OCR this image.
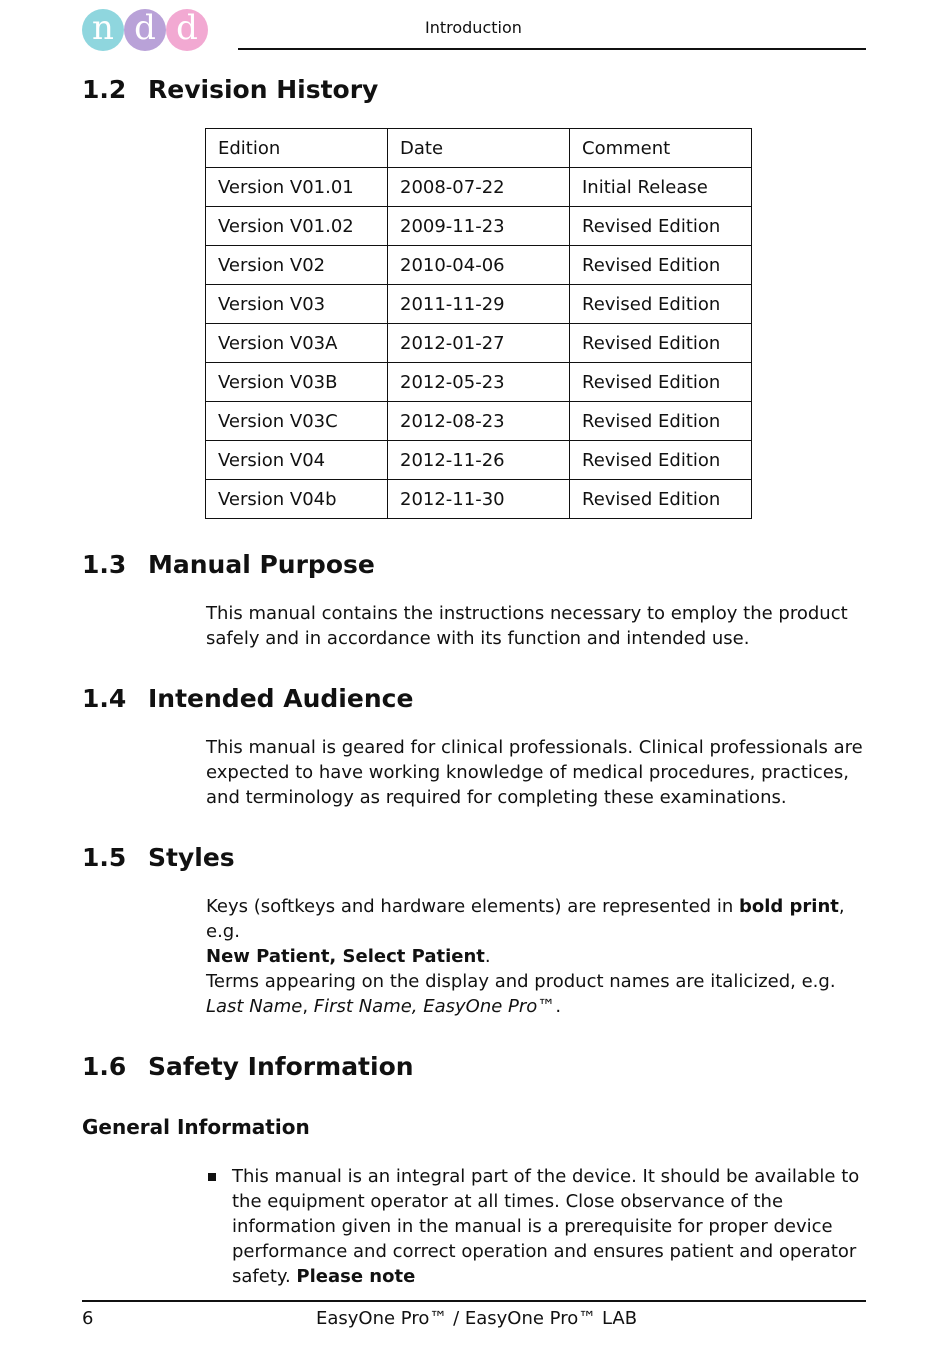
n d d	Introduction
1.2 Revision History
Edition	Date	Comment
Version V01.01	2008-07-22	Initial Release
Version V01.02	2009-11-23	Revised Edition
Version V02	2010-04-06	Revised Edition
Version V03	2011-11-29	Revised Edition
Version V03A	2012-01-27	Revised Edition
Version V03B	2012-05-23	Revised Edition
Version V03C	2012-08-23	Revised Edition
Version V04	2012-11-26	Revised Edition
Version V04b	2012-11-30	Revised Edition
1.3 Manual Purpose
This manual contains the instructions necessary to employ the product safely and in accordance with its function and intended use.
1.4 Intended Audience
This manual is geared for clinical professionals. Clinical professionals are expected to have working knowledge of medical procedures, practices, and terminology as required for completing these examinations.
1.5 Styles

Keys (softkeys and hardware elements) are represented in bold print, e.g.
New Patient, Select Patient.

Terms appearing on the display and product names are italicized, e.g. Last Name, First Name, EasyOne Pro™.

1.6 Safety Information
General Information
This manual is an integral part of the device. It should be available to the equipment operator at all times. Close observance of the information given in the manual is a prerequisite for proper device performance and correct operation and ensures patient and operator safety. Please note
6	EasyOne Pro™ / EasyOne Pro™ LAB
